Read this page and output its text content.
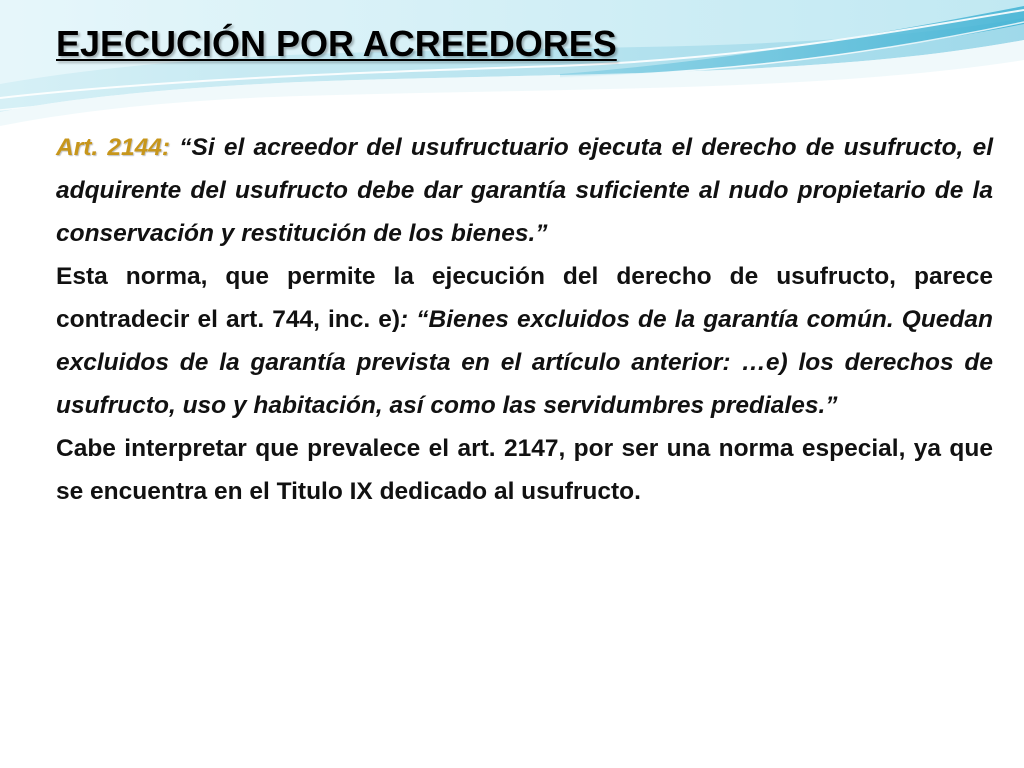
EJECUCIÓN POR ACREEDORES

Art. 2144: “Si el acreedor del usufructuario ejecuta el derecho de usufructo, el adquirente del usufructo debe dar garantía suficiente al nudo propietario de la conservación y restitución de los bienes.”

Esta norma, que permite la ejecución del derecho de usufructo, parece contradecir el art. 744, inc. e): “Bienes excluidos de la garantía común. Quedan excluidos de la garantía prevista en el artículo anterior: …e) los derechos de usufructo, uso y habitación, así como las servidumbres prediales.”

Cabe interpretar que prevalece el art. 2147, por ser una norma especial, ya que se encuentra en el Titulo IX dedicado al usufructo.
